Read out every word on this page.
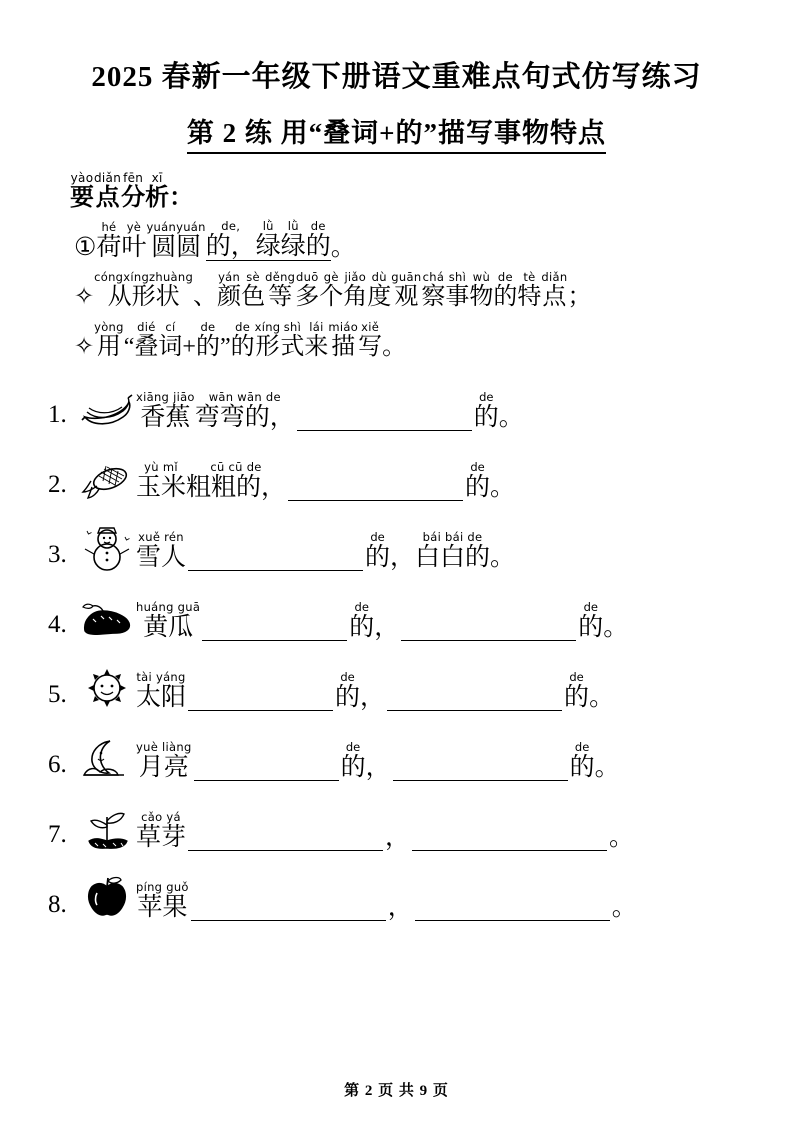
2025 春新一年级下册语文重难点句式仿写练习
第 2 练 用“叠词+的”描写事物特点
yào
要
diǎn
点
fēn
分
xī
析 ：
①
hé
荷
yè
叶
yuányuán
圆圆
de,
的，
lǜ
绿
lǜ
绿
de
的 。
✧
cóngxíngzhuàng
从形状 、
yán
颜
sè
色
děng
等
duō
多
gè
个
jiǎo
角
dù
度
guān
观
chá
察
shì
事
wù
物
de
的
tè
特
diǎn
点 ；
✧
yòng
用 “
dié
叠
cí
词 +
de
的 ”
de
的
xíng
形
shì
式
lái
来
miáo
描
xiě
写 。
1.
xiāng jiāo
香蕉
wān wān de
弯弯的，
de
的 。
2.
yù mǐ
玉米
cū cū de
粗粗的，
de
的 。
3.
xuě rén
雪人
de
的
bái bái de
，白白的。
4.
huáng guā
黄瓜
de
的 ，
de
的 。
5.
tài yáng
太阳
de
的 ，
de
的 。
6.
yuè liàng
月亮
de
的 ，
de
的 。
7.
cǎo yá
草芽	，	。
8.
píng guǒ
苹果	，	。
第 2 页 共 9 页
